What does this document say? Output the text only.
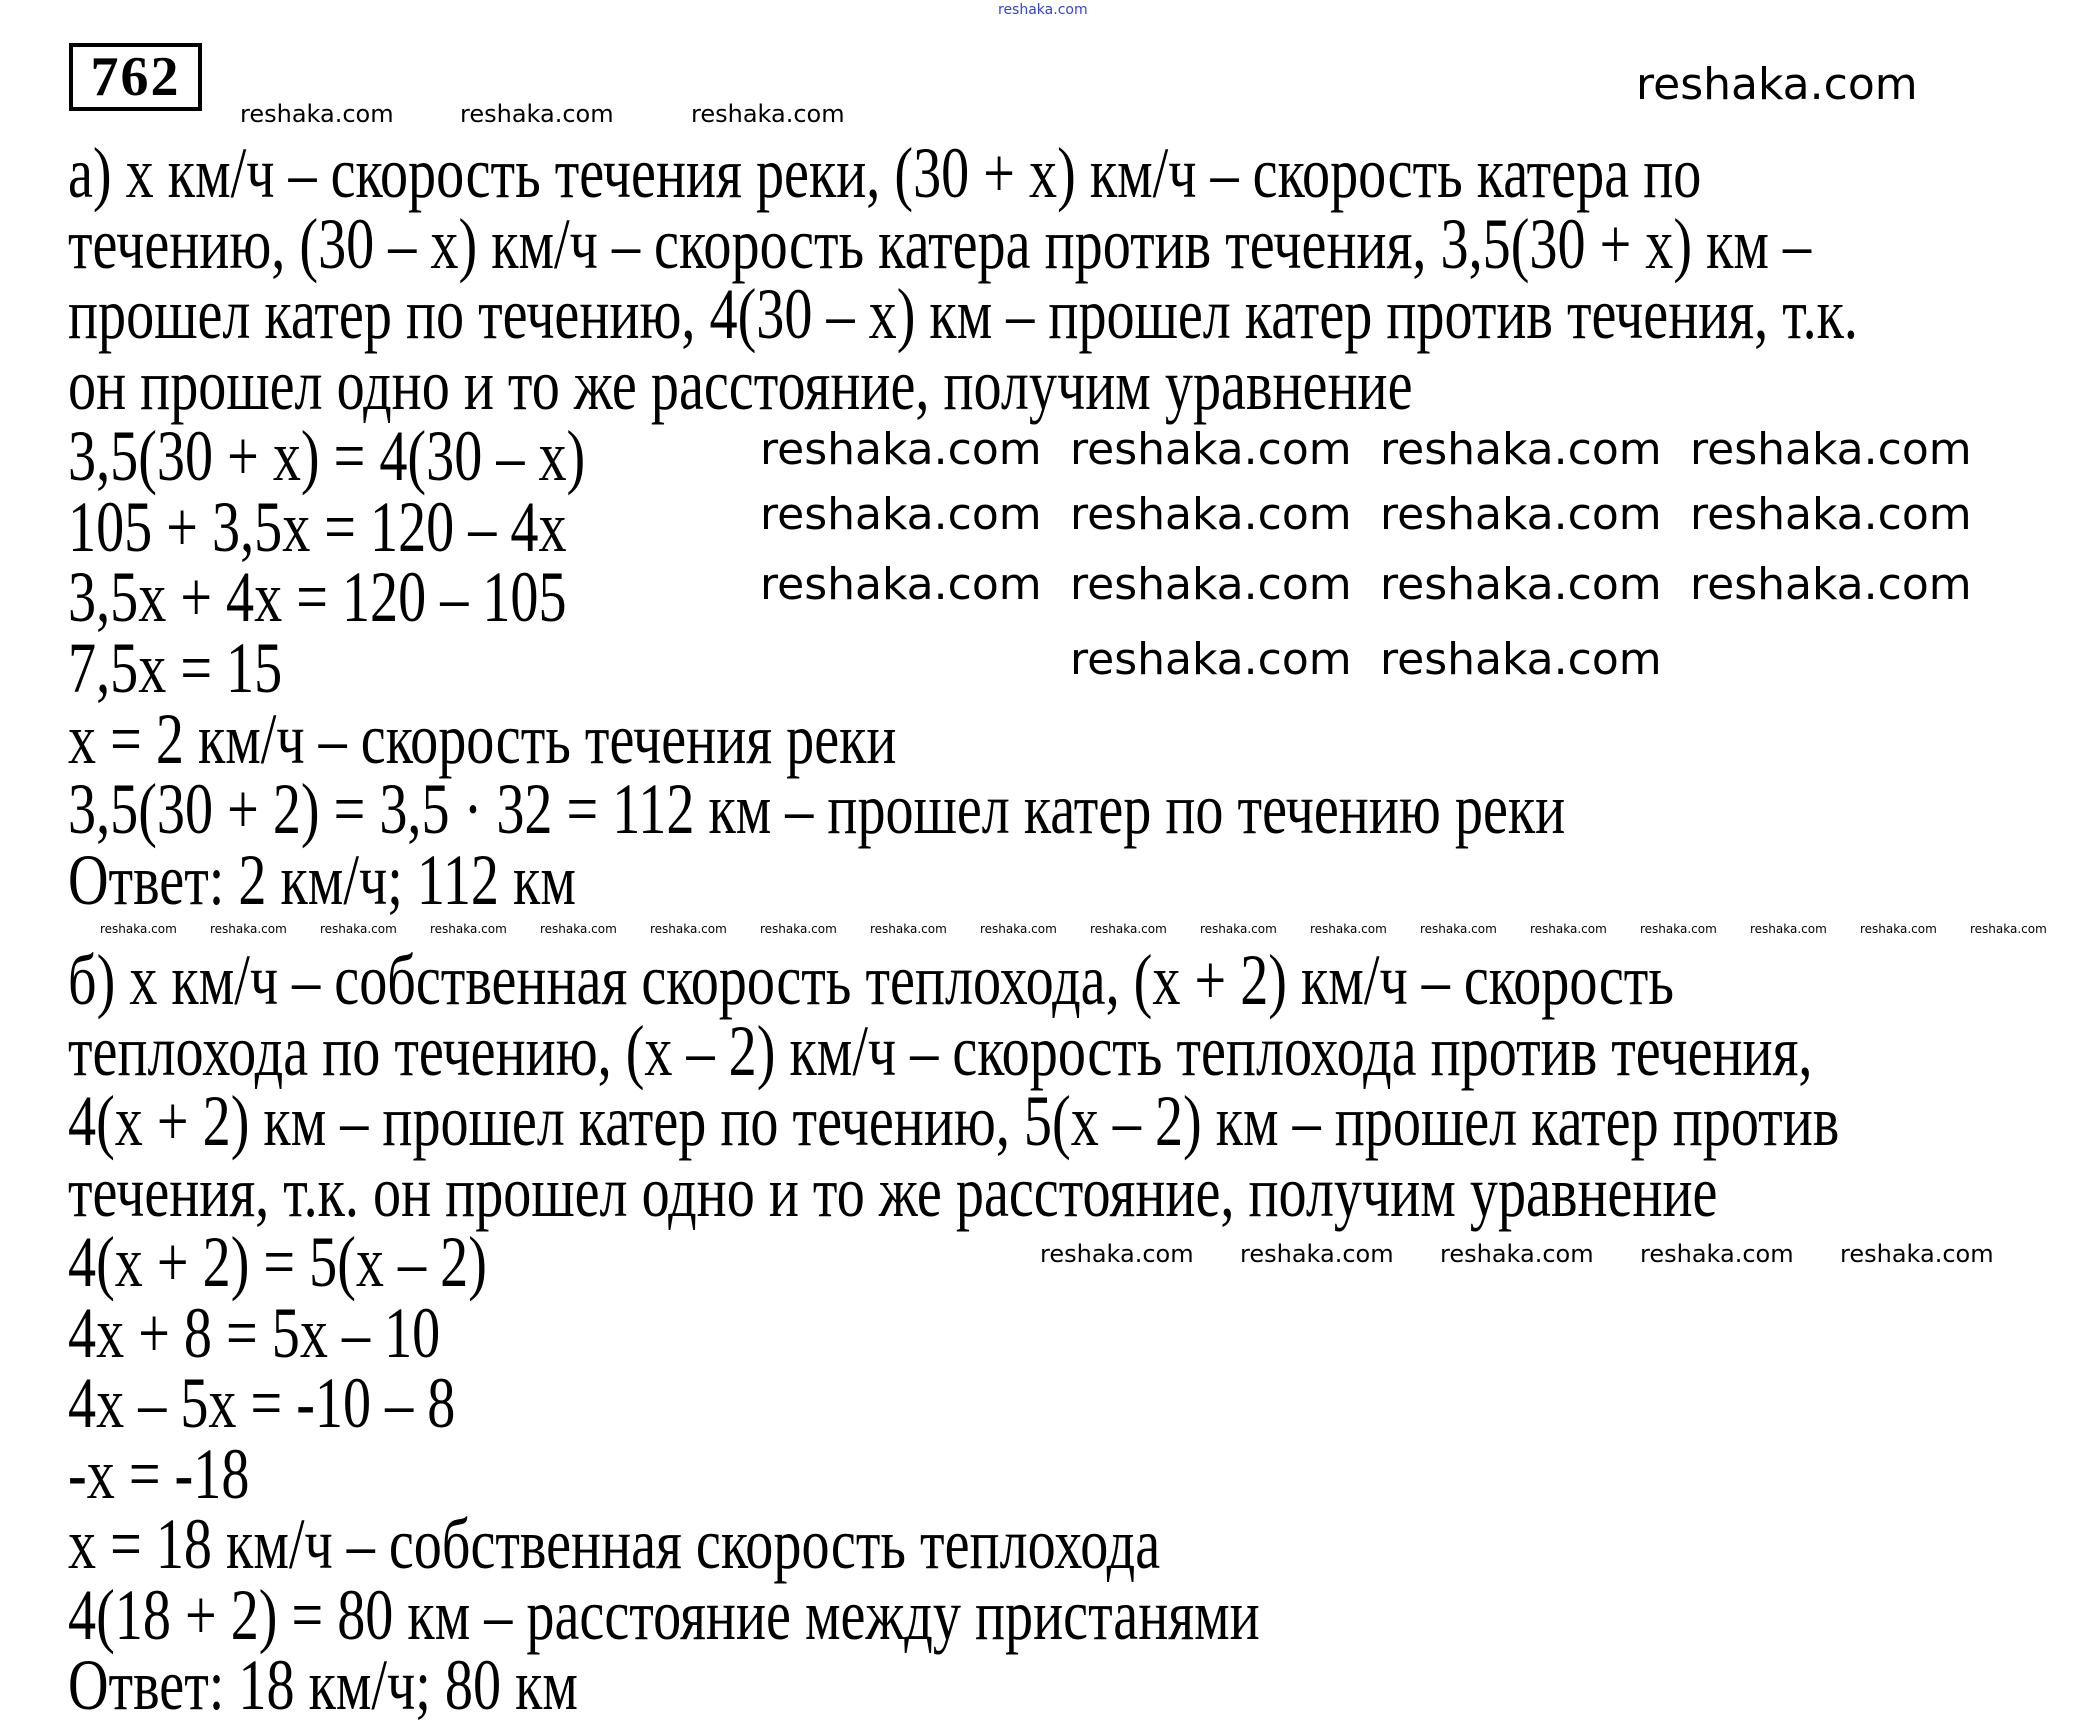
762
а) х км/ч – скорость течения реки, (30 + х) км/ч – скорость катера по
течению, (30 – х) км/ч – скорость катера против течения, 3,5(30 + х) км –
прошел катер по течению, 4(30 – х) км – прошел катер против течения, т.к.
он прошел одно и то же расстояние, получим уравнение
3,5(30 + х) = 4(30 – х)
105 + 3,5х = 120 – 4х
3,5х + 4х = 120 – 105
7,5х = 15
х = 2 км/ч – скорость течения реки
3,5(30 + 2) = 3,5 · 32 = 112 км – прошел катер по течению реки
Ответ: 2 км/ч; 112 км
б) х км/ч – собственная скорость теплохода, (х + 2) км/ч – скорость
теплохода по течению, (х – 2) км/ч – скорость теплохода против течения,
4(х + 2) км – прошел катер по течению, 5(х – 2) км – прошел катер против
течения, т.к. он прошел одно и то же расстояние, получим уравнение
4(х + 2) = 5(х – 2)
4х + 8 = 5х – 10
4х – 5х = -10 – 8
-х = -18
х = 18 км/ч – собственная скорость теплохода
4(18 + 2) = 80 км – расстояние между пристанями
Ответ: 18 км/ч; 80 км
reshaka.com
reshaka.com
reshaka.com reshaka.com reshaka.com reshaka.com
reshaka.com reshaka.com reshaka.com reshaka.com
reshaka.com reshaka.com reshaka.com reshaka.com
reshaka.com reshaka.com
reshaka.com	reshaka.com	reshaka.com
reshaka.com reshaka.com reshaka.com reshaka.com reshaka.com
reshaka.com	reshaka.com	reshaka.com	reshaka.com	reshaka.com	reshaka.com	reshaka.com	reshaka.com	reshaka.com	reshaka.com	reshaka.com	reshaka.com	reshaka.com	reshaka.com	reshaka.com	reshaka.com	reshaka.com	reshaka.com
